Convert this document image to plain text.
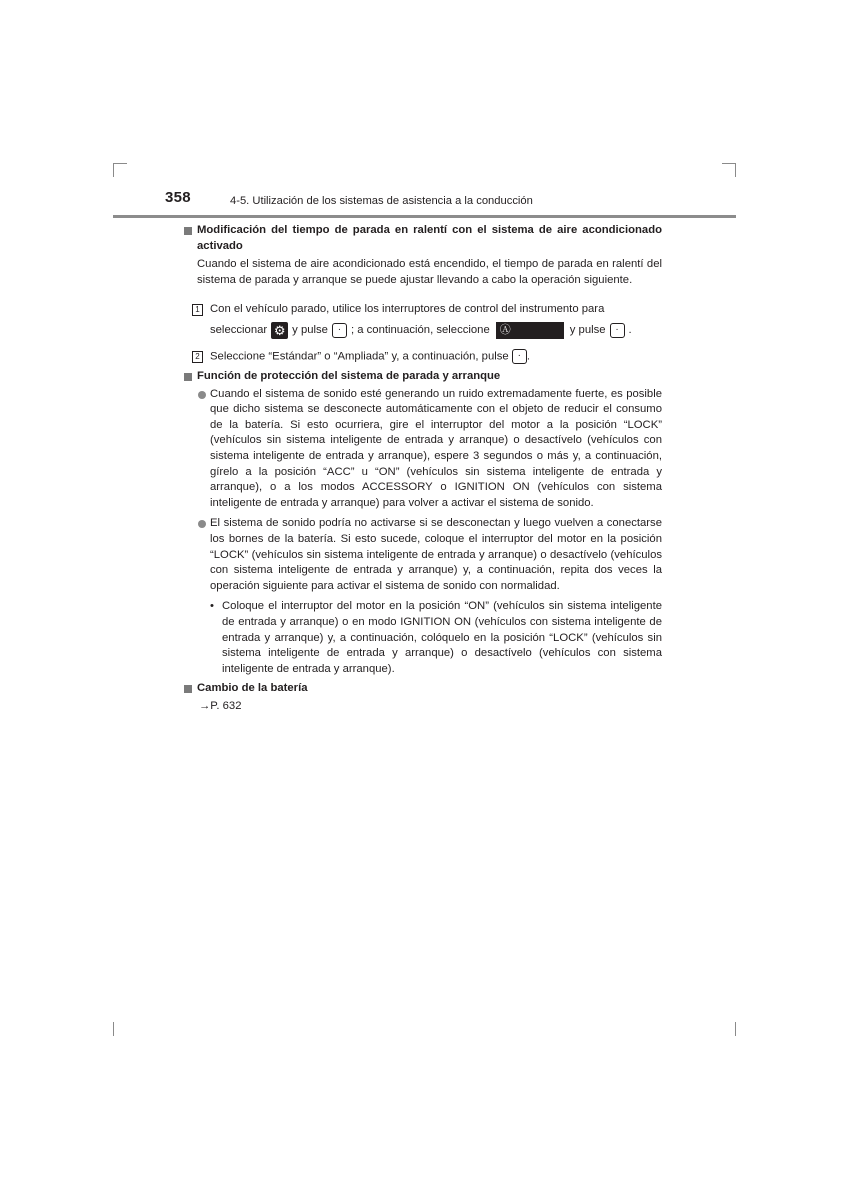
358	4-5. Utilización de los sistemas de asistencia a la conducción
Modificación del tiempo de parada en ralentí con el sistema de aire acondicionado activado
Cuando el sistema de aire acondicionado está encendido, el tiempo de parada en ralentí del sistema de parada y arranque se puede ajustar llevando a cabo la operación siguiente.
1 Con el vehículo parado, utilice los interruptores de control del instrumento para
seleccionar ⚙ y pulse · ; a continuación, seleccione Ⓐ	y pulse · .
2 Seleccione “Estándar” o “Ampliada” y, a continuación, pulse · .
Función de protección del sistema de parada y arranque
Cuando el sistema de sonido esté generando un ruido extremadamente fuerte, es posible que dicho sistema se desconecte automáticamente con el objeto de reducir el consumo de la batería. Si esto ocurriera, gire el interruptor del motor a la posición “LOCK” (vehículos sin sistema inteligente de entrada y arranque) o desactívelo (vehículos con sistema inteligente de entrada y arranque), espere 3 segundos o más y, a continuación, gírelo a la posición “ACC” u “ON” (vehículos sin sistema inteligente de entrada y arranque), o a los modos ACCESSORY o IGNITION ON (vehículos con sistema inteligente de entrada y arranque) para volver a activar el sistema de sonido.
El sistema de sonido podría no activarse si se desconectan y luego vuelven a conectarse los bornes de la batería. Si esto sucede, coloque el interruptor del motor en la posición “LOCK” (vehículos sin sistema inteligente de entrada y arranque) o desactívelo (vehículos con sistema inteligente de entrada y arranque) y, a continuación, repita dos veces la operación siguiente para activar el sistema de sonido con normalidad.
• Coloque el interruptor del motor en la posición “ON” (vehículos sin sistema inteligente de entrada y arranque) o en modo IGNITION ON (vehículos con sistema inteligente de entrada y arranque) y, a continuación, colóquelo en la posición “LOCK” (vehículos sin sistema inteligente de entrada y arranque) o desactívelo (vehículos con sistema inteligente de entrada y arranque).
Cambio de la batería
→P. 632
